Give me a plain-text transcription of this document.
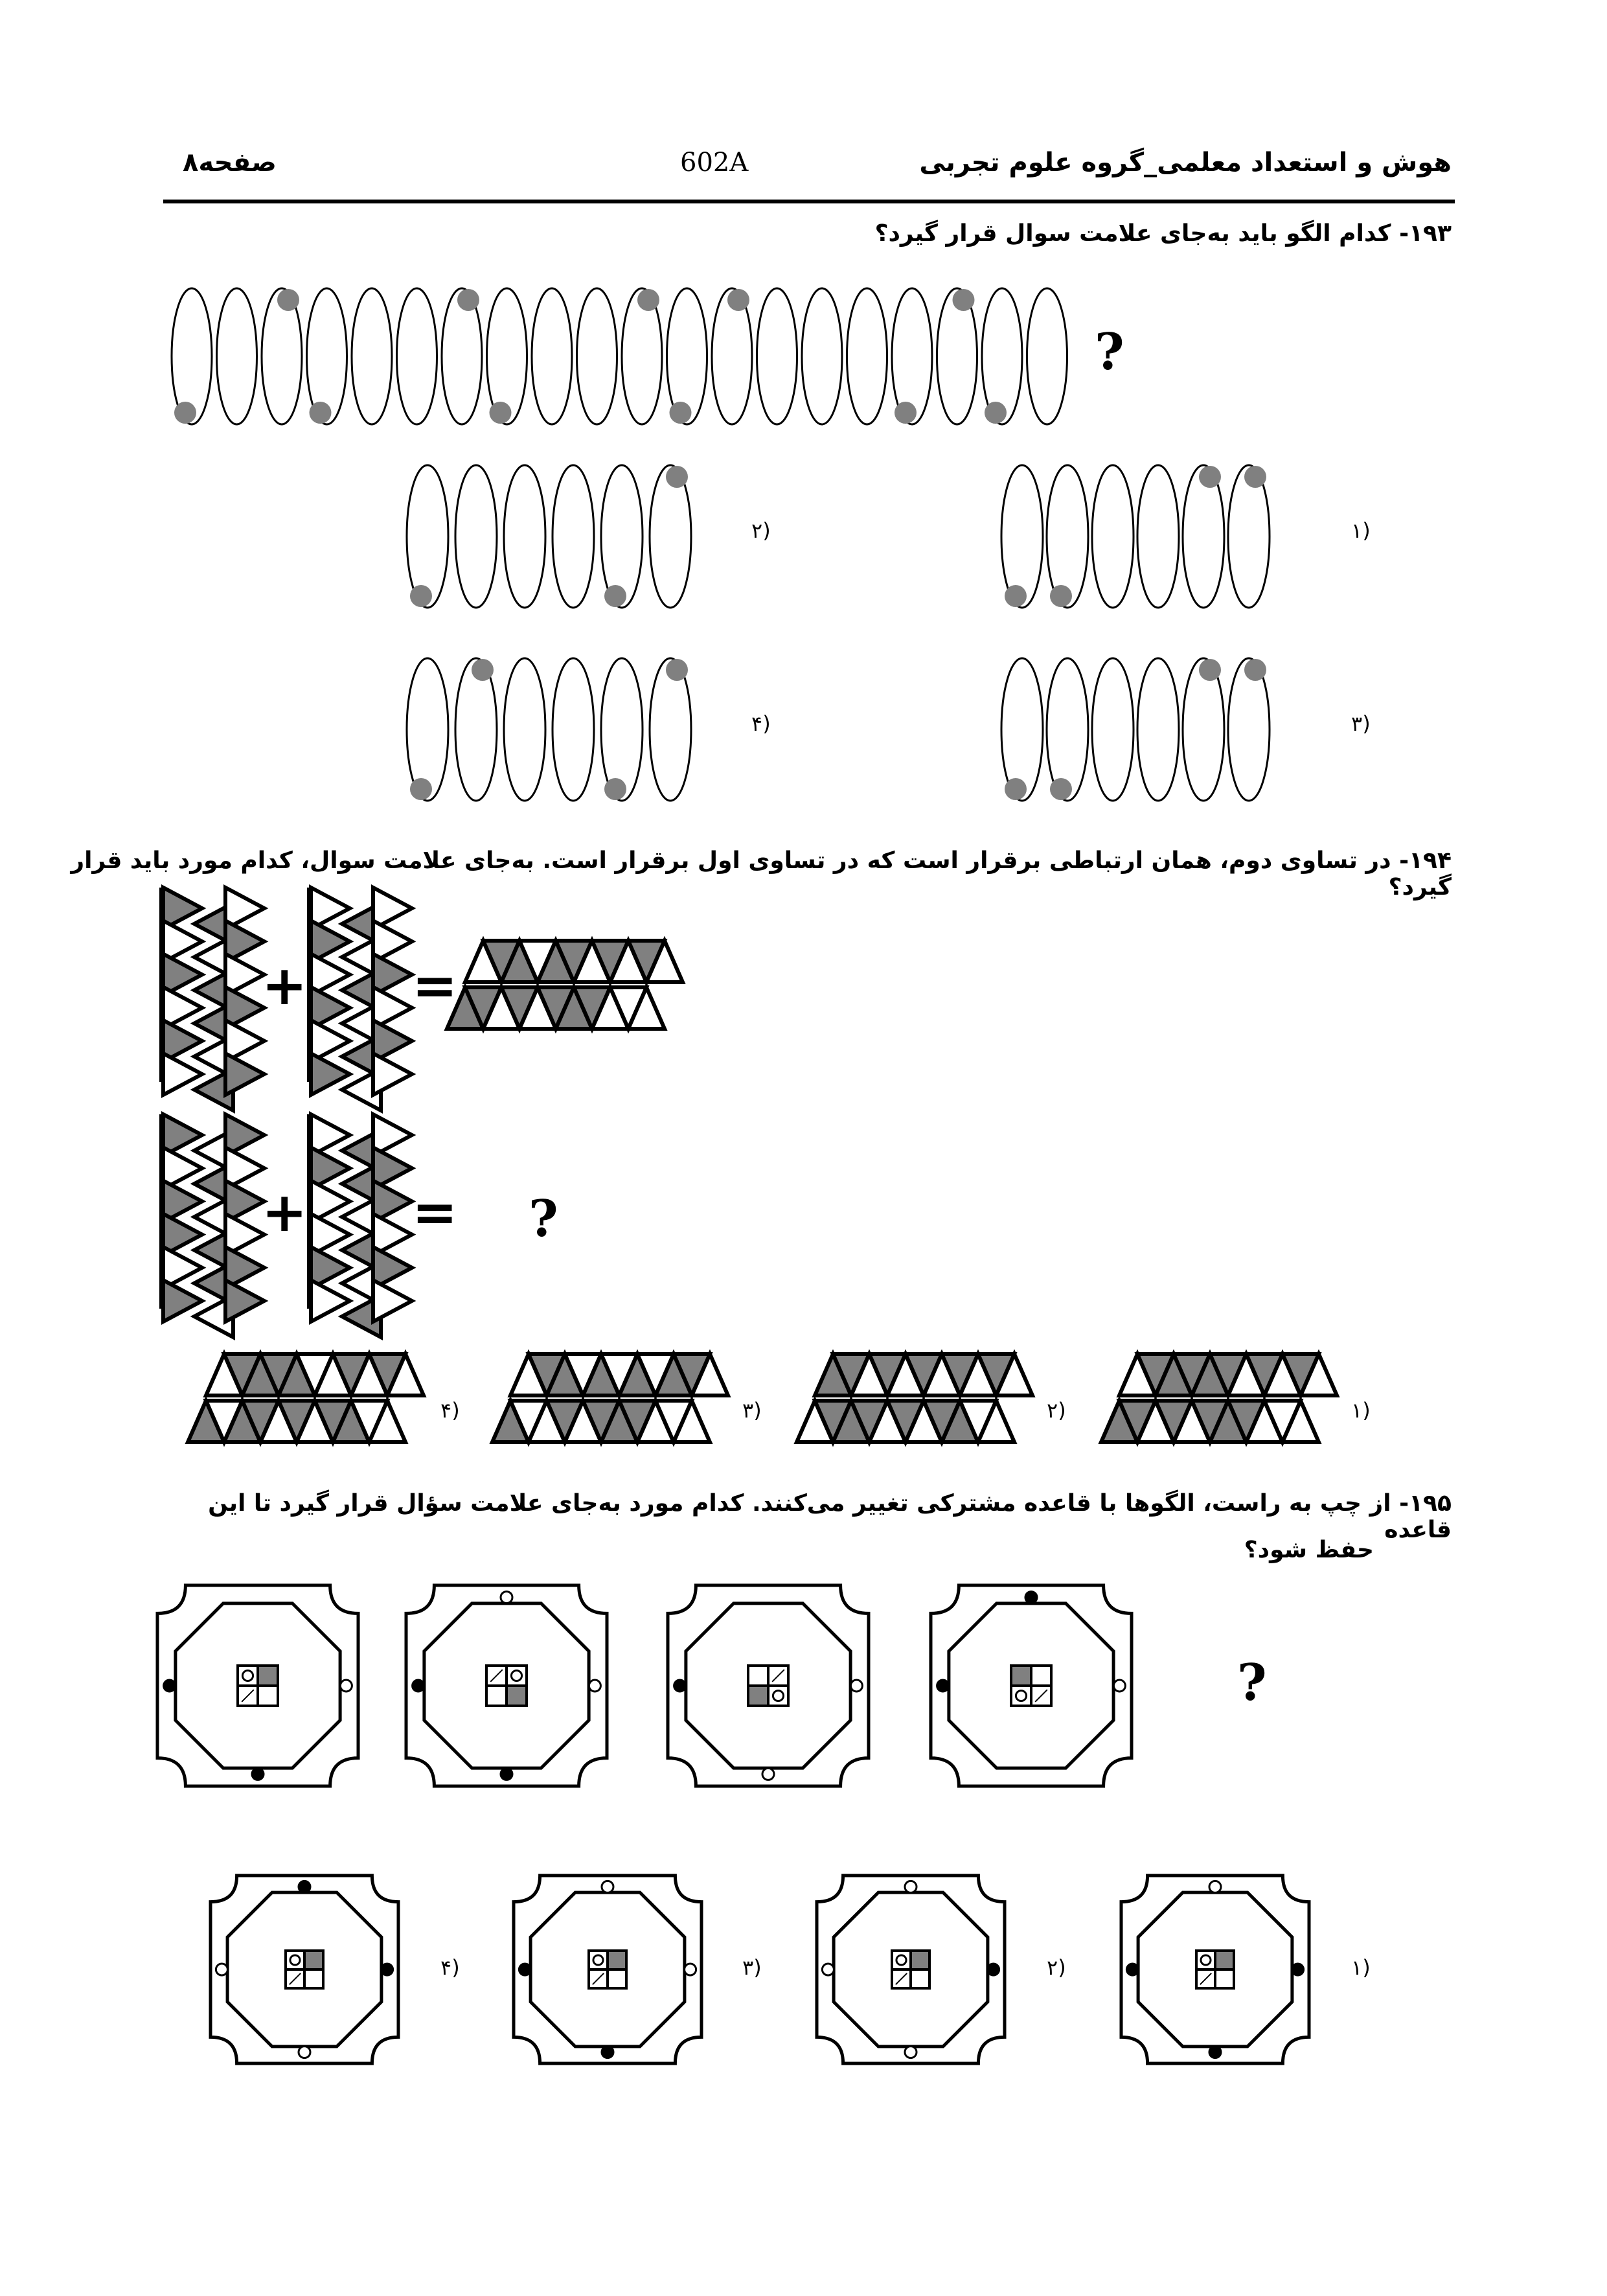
هوش و استعداد معلمی_گروه علوم تجربی
602A
صفحه۸
۱۹۳- کدام الگو باید به‌جای علامت سوال قرار گیرد؟
?
۱)
۲)
۳)
۴)
۱۹۴- در تساوی دوم، همان ارتباطی برقرار است که در تساوی اول برقرار است. به‌جای علامت سوال، کدام مورد باید قرار گیرد؟
+ =
+ = ?
۱)
۲)
۳)
۴)
۱۹۵- از چپ به راست، الگوها با قاعده مشترکی تغییر می‌کنند. کدام مورد به‌جای علامت سؤال قرار گیرد تا این قاعده
حفظ شود؟
?
۱)
۲)
۳)
۴)
